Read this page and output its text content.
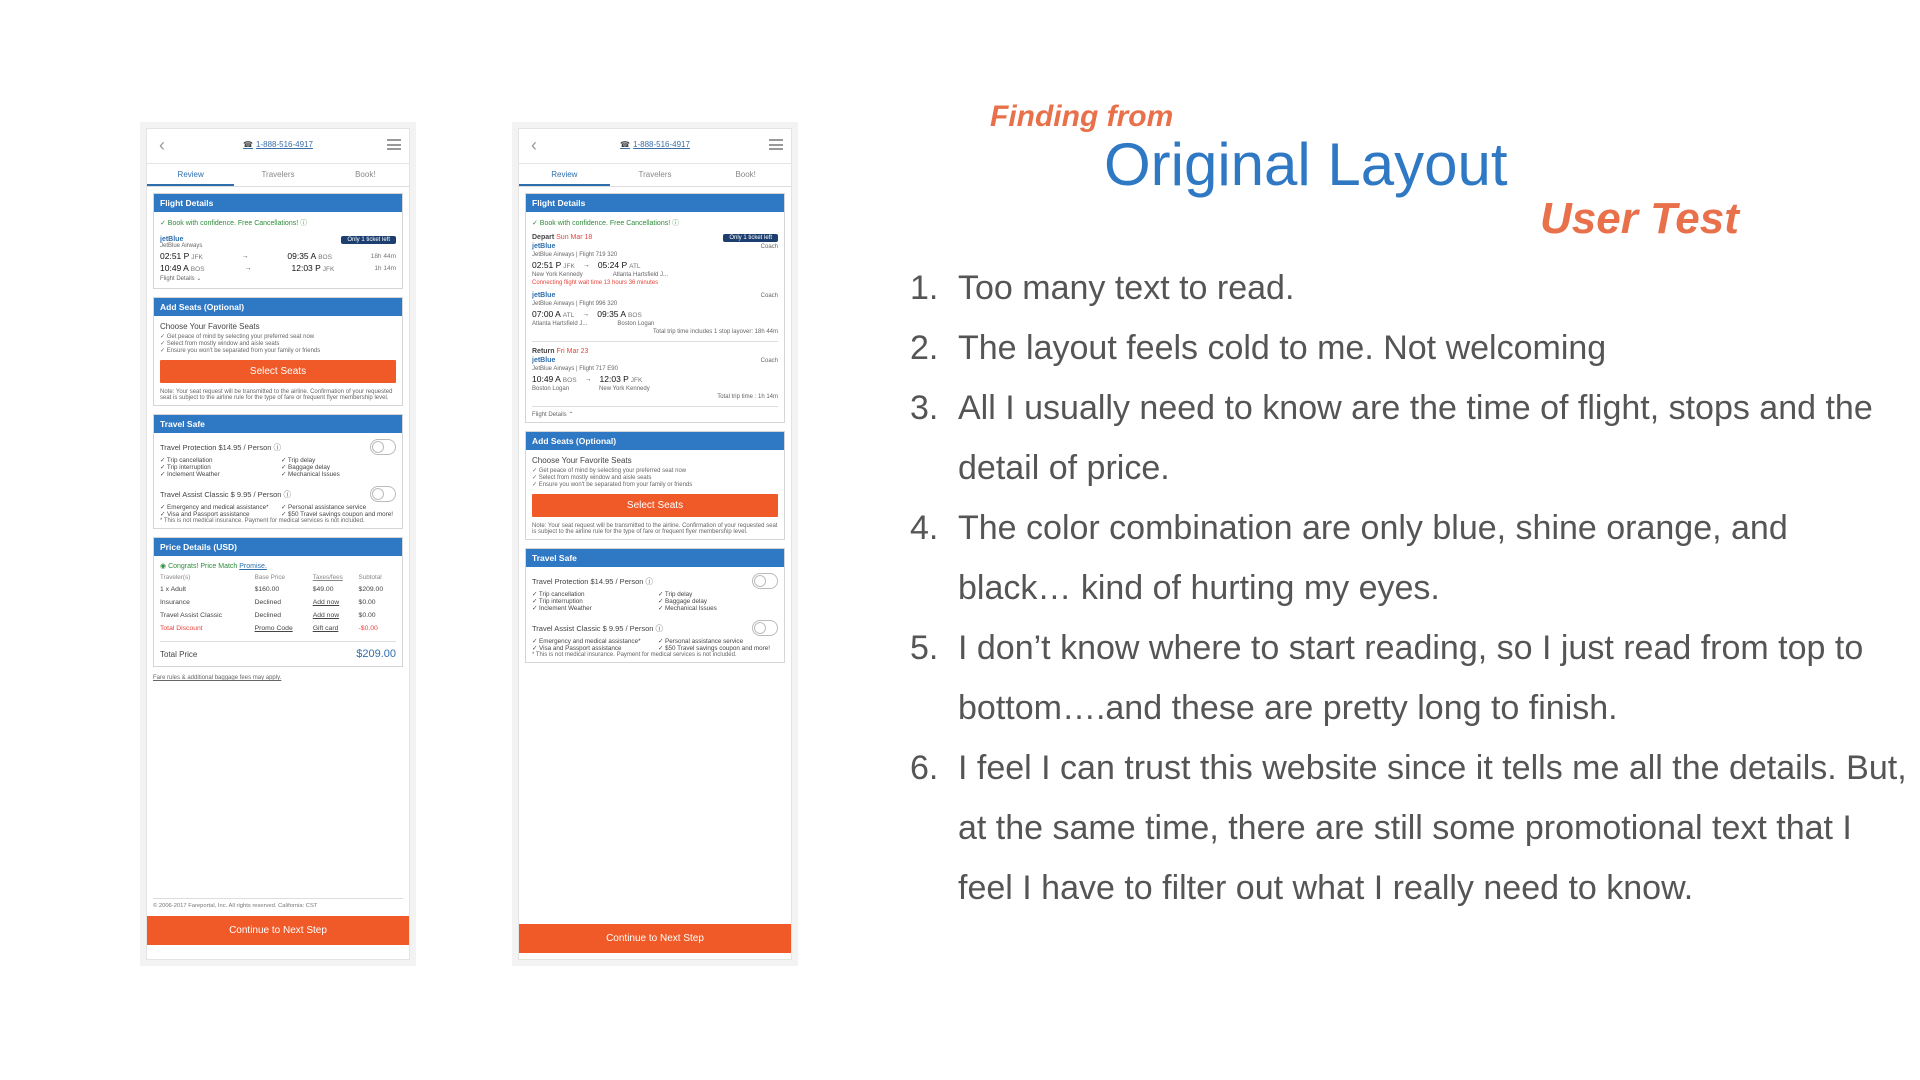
‹	☎ 1-888-516-4917
Review	Travelers	Book!
Flight Details
✓ Book with confidence. Free Cancellations! ⓘ
Only 1 ticket left
jetBlue
JetBlue Airways
02:51 P JFK	→	09:35 A BOS	18h 44m
10:49 A BOS	→	12:03 P JFK	1h 14m
Flight Details ⌄
Add Seats (Optional)
Choose Your Favorite Seats
✓ Get peace of mind by selecting your preferred seat now
✓ Select from mostly window and aisle seats
✓ Ensure you won't be separated from your family or friends
Select Seats
Note: Your seat request will be transmitted to the airline. Confirmation of your requested seat is subject to the airline rule for the type of fare or frequent flyer membership level.
Travel Safe
Travel Protection $14.95 / Person ⓘ
✓ Trip cancellation
✓ Trip interruption
✓ Inclement Weather
✓ Trip delay
✓ Baggage delay
✓ Mechanical Issues
Travel Assist Classic $ 9.95 / Person ⓘ
✓ Emergency and medical assistance*
✓ Visa and Passport assistance
✓ Personal assistance service
✓ $50 Travel savings coupon and more!
* This is not medical insurance. Payment for medical services is not included.
Price Details (USD)
◉ Congrats! Price Match Promise.
Traveler(s)	Base Price	Taxes/fees	Subtotal
1 x Adult	$160.00	$49.00	$209.00
Insurance	Declined	Add now	$0.00
Travel Assist Classic	Declined	Add now	$0.00
Total Discount	Promo Code	Gift card	-$0.00
Total Price	$209.00
Fare rules & additional baggage fees may apply.
© 2006-2017 Fareportal, Inc. All rights reserved. California: CST
Continue to Next Step
‹	☎ 1-888-516-4917
Review	Travelers	Book!
Flight Details
✓ Book with confidence. Free Cancellations! ⓘ
Only 1 ticket left
Depart Sun Mar 18
jetBlue	Coach
JetBlue Airways | Flight 719 320
02:51 P JFK → 05:24 P ATL
New York Kennedy	Atlanta Hartsfield J...
Connecting flight wait time 13 hours 36 minutes
jetBlue	Coach
JetBlue Airways | Flight 996 320
07:00 A ATL → 09:35 A BOS
Atlanta Hartsfield J...	Boston Logan
Total trip time includes 1 stop layover: 18h 44m
Return Fri Mar 23
jetBlue	Coach
JetBlue Airways | Flight 717 E90
10:49 A BOS → 12:03 P JFK
Boston Logan	New York Kennedy
Total trip time : 1h 14m
Flight Details ⌃
Add Seats (Optional)
Choose Your Favorite Seats
✓ Get peace of mind by selecting your preferred seat now
✓ Select from mostly window and aisle seats
✓ Ensure you won't be separated from your family or friends
Select Seats
Note: Your seat request will be transmitted to the airline. Confirmation of your requested seat is subject to the airline rule for the type of fare or frequent flyer membership level.
Travel Safe
Travel Protection $14.95 / Person ⓘ
✓ Trip cancellation
✓ Trip interruption
✓ Inclement Weather
✓ Trip delay
✓ Baggage delay
✓ Mechanical Issues
Travel Assist Classic $ 9.95 / Person ⓘ
✓ Emergency and medical assistance*
✓ Visa and Passport assistance
✓ Personal assistance service
✓ $50 Travel savings coupon and more!
* This is not medical insurance. Payment for medical services is not included.
Continue to Next Step
Finding from
Original Layout
User Test
1. Too many text to read.
2. The layout feels cold to me. Not welcoming
3. All I usually need to know are the time of flight, stops and the detail of price.
4. The color combination are only blue, shine orange, and black… kind of hurting my eyes.
5. I don’t know where to start reading, so I just read from top to bottom….and these are pretty long to finish.
6. I feel I can trust this website since it tells me all the details. But, at the same time, there are still some promotional text that I feel I have to filter out what I really need to know.
